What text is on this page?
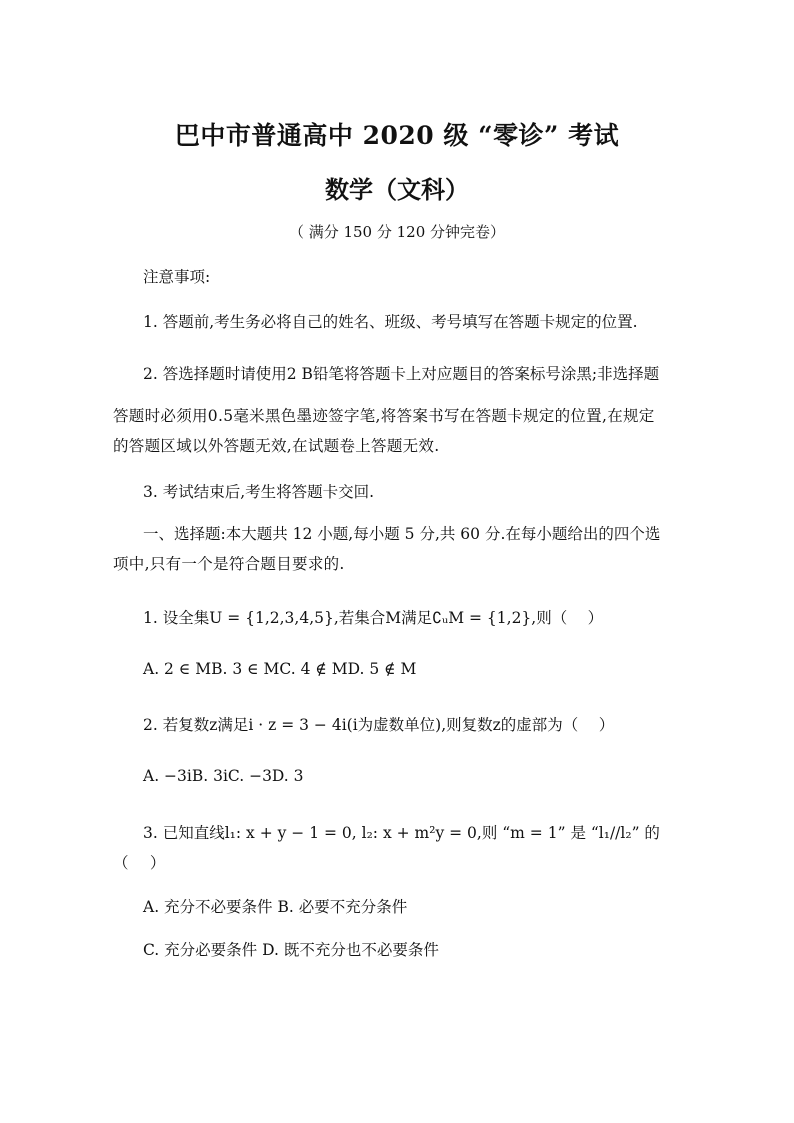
巴中市普通高中 2020 级 “零诊” 考试
数学（文科）
（ 满分 150 分 120 分钟完卷）
注意事项:
1. 答题前,考生务必将自己的姓名、班级、考号填写在答题卡规定的位置.
2. 答选择题时请使用2 B铅笔将答题卡上对应题目的答案标号涂黑;非选择题
答题时必须用0.5毫米黑色墨迹签字笔,将答案书写在答题卡规定的位置,在规定
的答题区域以外答题无效,在试题卷上答题无效.
3. 考试结束后,考生将答题卡交回.
一、选择题:本大题共 12 小题,每小题 5 分,共 60 分.在每小题给出的四个选
项中,只有一个是符合题目要求的.
1. 设全集U = {1,2,3,4,5},若集合M满足∁ᵤM = {1,2},则（　 ）
A. 2 ∈ MB. 3 ∈ MC. 4 ∉ MD. 5 ∉ M
2. 若复数z满足i · z = 3 − 4i(i为虚数单位),则复数z的虚部为（　 ）
A. −3iB. 3iC. −3D. 3
3. 已知直线l₁: x + y − 1 = 0, l₂: x + m²y = 0,则 “m = 1” 是 “l₁//l₂” 的
（　 ）
A. 充分不必要条件 B. 必要不充分条件
C. 充分必要条件 D. 既不充分也不必要条件
